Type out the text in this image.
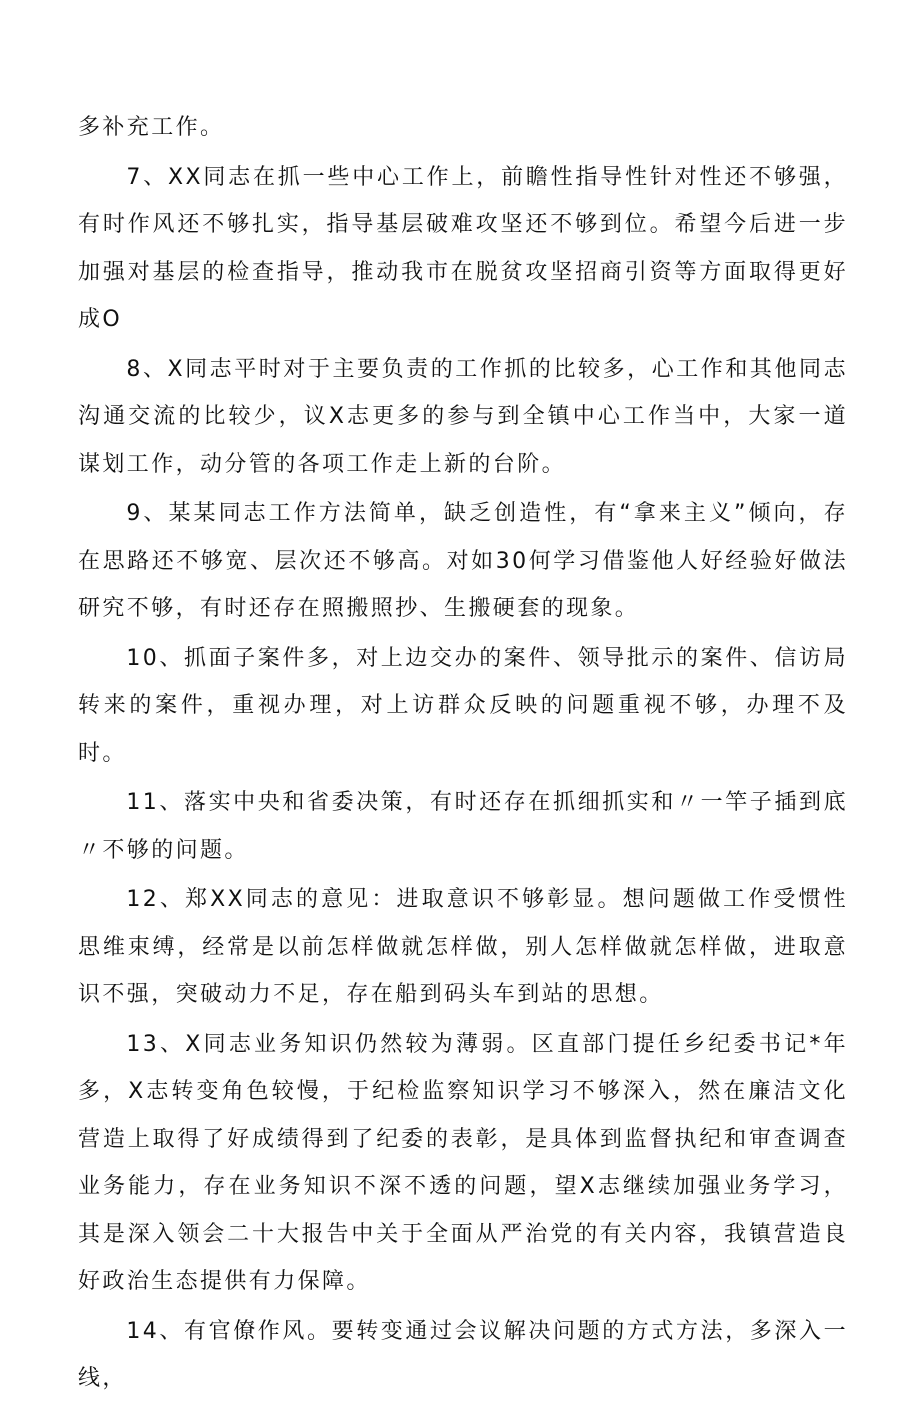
多补充工作。

7、XX同志在抓一些中心工作上，前瞻性指导性针对性还不够强，有时作风还不够扎实，指导基层破难攻坚还不够到位。希望今后进一步加强对基层的检查指导，推动我市在脱贫攻坚招商引资等方面取得更好成O

8、X同志平时对于主要负责的工作抓的比较多，心工作和其他同志沟通交流的比较少，议X志更多的参与到全镇中心工作当中，大家一道谋划工作，动分管的各项工作走上新的台阶。

9、某某同志工作方法简单，缺乏创造性，有“拿来主义”倾向，存在思路还不够宽、层次还不够高。对如30何学习借鉴他人好经验好做法研究不够，有时还存在照搬照抄、生搬硬套的现象。

10、抓面子案件多，对上边交办的案件、领导批示的案件、信访局转来的案件，重视办理，对上访群众反映的问题重视不够，办理不及时。

11、落实中央和省委决策，有时还存在抓细抓实和〃一竿子插到底〃不够的问题。

12、郑XX同志的意见：进取意识不够彰显。想问题做工作受惯性思维束缚，经常是以前怎样做就怎样做，别人怎样做就怎样做，进取意识不强，突破动力不足，存在船到码头车到站的思想。

13、X同志业务知识仍然较为薄弱。区直部门提任乡纪委书记*年多，X志转变角色较慢，于纪检监察知识学习不够深入，然在廉洁文化营造上取得了好成绩得到了纪委的表彰，是具体到监督执纪和审查调查业务能力，存在业务知识不深不透的问题，望X志继续加强业务学习，其是深入领会二十大报告中关于全面从严治党的有关内容，我镇营造良好政治生态提供有力保障。

14、有官僚作风。要转变通过会议解决问题的方式方法，多深入一线，
